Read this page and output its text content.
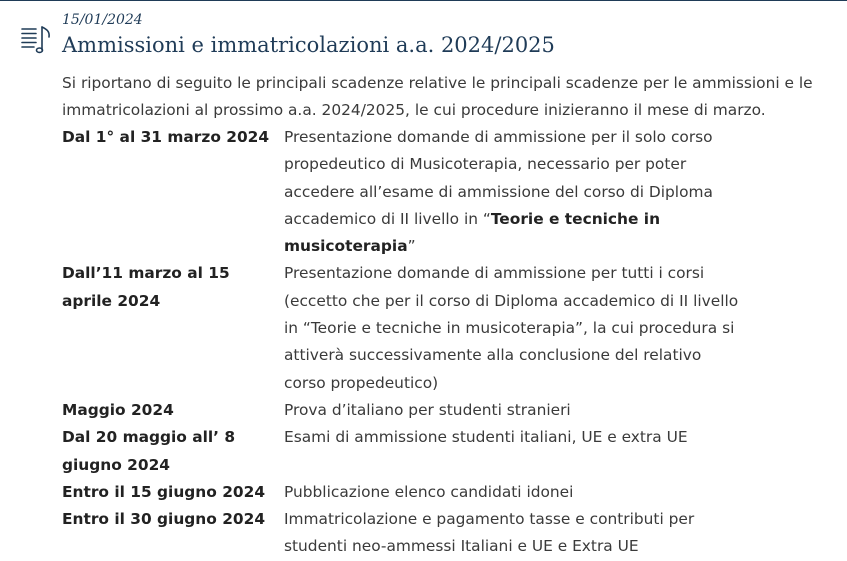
15/01/2024
Ammissioni e immatricolazioni a.a. 2024/2025

Si riportano di seguito le principali scadenze relative le principali scadenze per le ammissioni e le immatricolazioni al prossimo a.a. 2024/2025, le cui procedure inizieranno il mese di marzo.

Dal 1° al 31 marzo 2024	Presentazione domande di ammissione per il solo corso propedeutico di Musicoterapia, necessario per poter accedere all’esame di ammissione del corso di Diploma accademico di II livello in “Teorie e tecniche in musicoterapia”
Dall’11 marzo al 15 aprile 2024	Presentazione domande di ammissione per tutti i corsi (eccetto che per il corso di Diploma accademico di II livello in “Teorie e tecniche in musicoterapia”, la cui procedura si attiverà successivamente alla conclusione del relativo corso propedeutico)
Maggio 2024	Prova d’italiano per studenti stranieri
Dal 20 maggio all’ 8 giugno 2024	Esami di ammissione studenti italiani, UE e extra UE
Entro il 15 giugno 2024	Pubblicazione elenco candidati idonei
Entro il 30 giugno 2024	Immatricolazione e pagamento tasse e contributi per studenti neo-ammessi Italiani e UE e Extra UE
